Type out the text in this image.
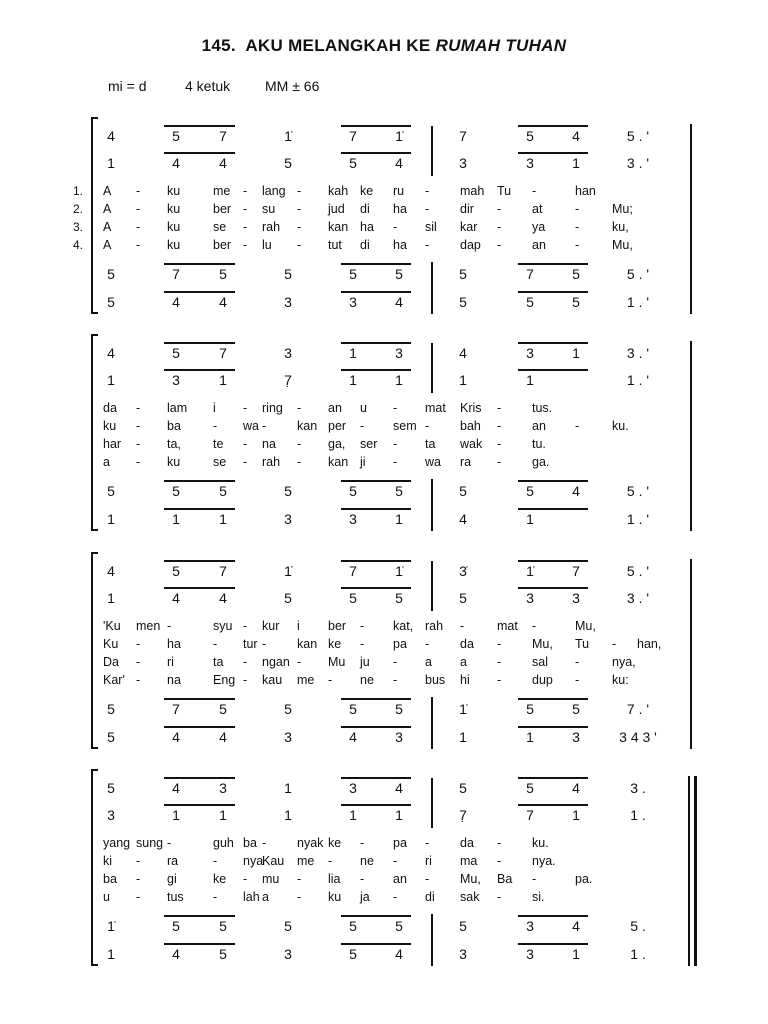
145. AKU MELANGKAH KE RUMAH TUHAN
mi = d	4 ketuk MM ± 66
4	5	7	1̇	7	1̇	7	5	4	5 . '
1	4	4	5	5	4	3	3	1	3 . '
5	7	5	5	5	5	5	7	5	5 . '
5	4	4	3	3	4	5	5	5	1 . '
A - ku	me - lang - kah ke ru - mah Tu -	han
A - ku	ber - su - jud di ha - dir - at	-	Mu;
A - ku	se - rah - kan ha - sil kar - ya -	ku,
A - ku	ber - lu - tut di ha - dap - an -	Mu,
1.
2.
3.
4.
4	5	7	3	1	3	4	3	1	3 . '
1	3	1	7̣	1	1	1	1	1 . '
5	5	5	5	5	5	5	5	4	5 . '
1	1	1	3	3	1	4	1	1 . '
da - lam i - ring - an u - mat Kris - tus.
ku - ba	- wa - kan per - sem - bah - an -	ku.
har - ta,	te - na - ga, ser - ta wak - tu.
a - ku	se - rah - kan ji - wa ra - ga.
4	5	7	1̇	7	1̇	3̇	1̇	7	5 . '
1	4	4	5	5	5	5	3	3	3 . '
5	7	5	5	5	5	1̇	5	5	7 . '
5	4	4	3	4	3	1	1	3	3 4 3 '
'Ku men -	syu - kur i ber - kat, rah -	mat -	Mu,
Ku - ha	- tur - kan ke - pa - da - Mu, Tu - han,
Da - ri	ta - ngan - Mu ju - a a - sal -	nya,
Kar' - na	Eng - kau me - ne - bus hi - dup -	ku:
5	4	3	1	3	4	5	5	4	3 .
3	1	1	1	1	1	7̣	7	1	1 .
1̇	5	5	5	5	5	5	3	4	5 .
1	4	5	3	5	4	3	3	1	1 .
yang sung -	guh ba - nyak ke - pa - da - ku.
ki - ra	- nya
Kau me - ne - ri ma - nya.
ba - gi	ke - mu - lia - an - Mu, Ba -	pa.
u - tus - lah a - ku ja - di sak - si.
